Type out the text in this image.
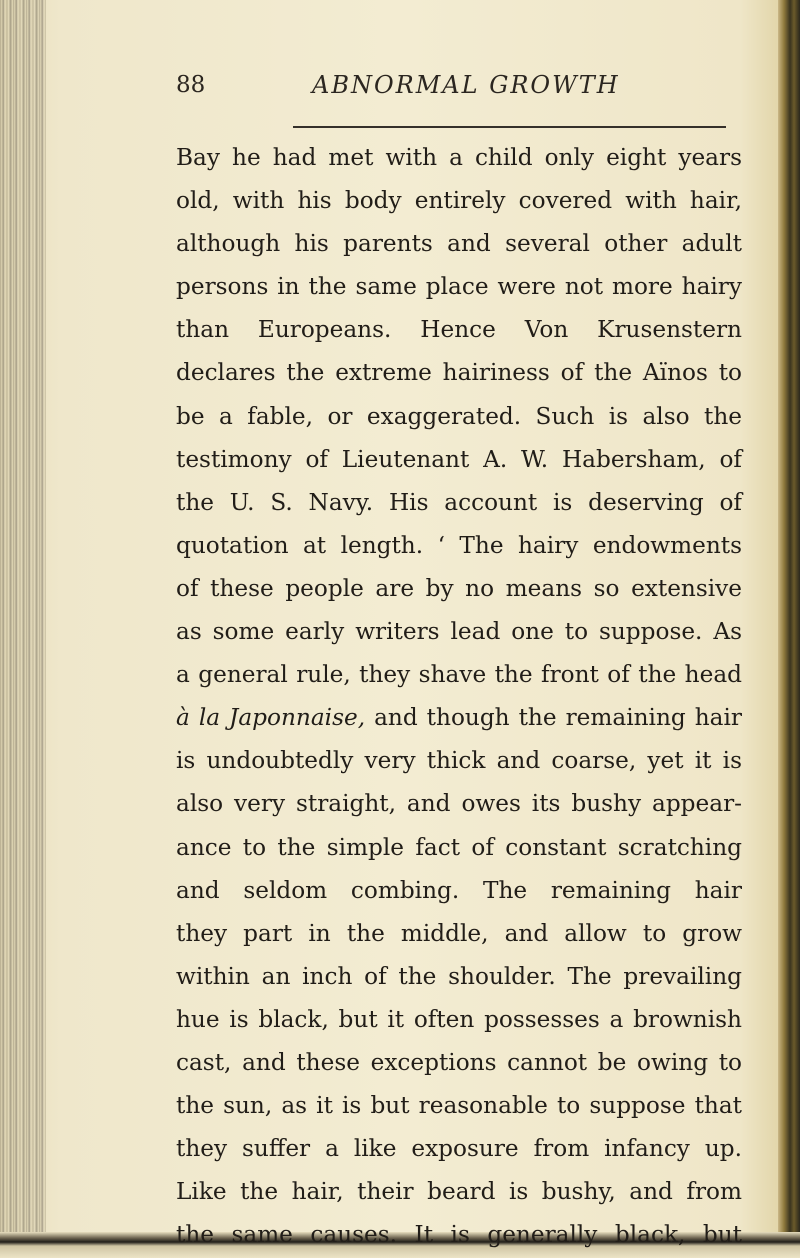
88	ABNORMAL GROWTH
Bay he had met with a child only eight years
old, with his body entirely covered with hair,
although his parents and several other adult
persons in the same place were not more hairy
than Europeans. Hence Von Krusenstern
declares the extreme hairiness of the Aïnos to
be a fable, or exaggerated. Such is also the
testimony of Lieutenant A. W. Habersham, of
the U. S. Navy. His account is deserving of
quotation at length. ‘ The hairy endowments
of these people are by no means so extensive
as some early writers lead one to suppose. As
a general rule, they shave the front of the head
à la Japonnaise, and though the remaining hair
is undoubtedly very thick and coarse, yet it is
also very straight, and owes its bushy appear-
ance to the simple fact of constant scratching
and seldom combing. The remaining hair
they part in the middle, and allow to grow
within an inch of the shoulder. The prevailing
hue is black, but it often possesses a brownish
cast, and these exceptions cannot be owing to
the sun, as it is but reasonable to suppose that
they suffer a like exposure from infancy up.
Like the hair, their beard is bushy, and from
the same causes. It is generally black, but
